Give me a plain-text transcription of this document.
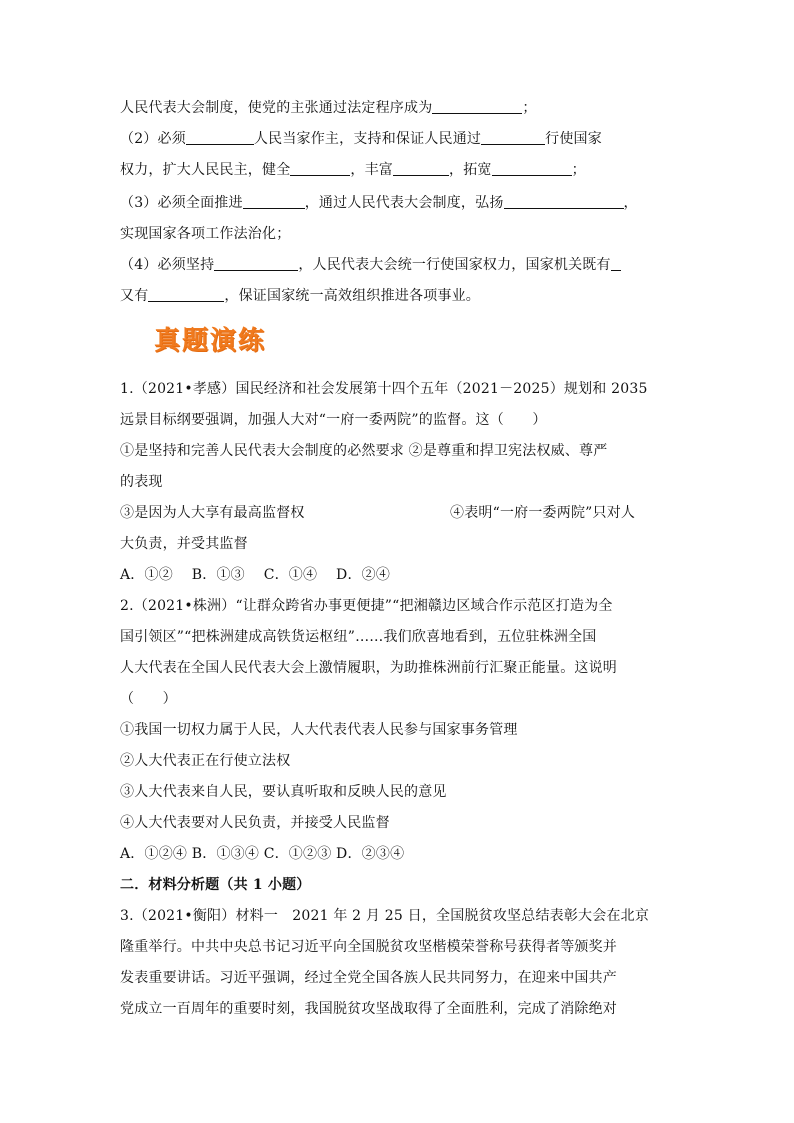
人民代表大会制度，使党的主张通过法定程序成为	；
（2）必须	人民当家作主，支持和保证人民通过	行使国家
权力，扩大人民民主，健全	，丰富	，拓宽	；
（3）必须全面推进	，通过人民代表大会制度，弘扬	，
实现国家各项工作法治化；
（4）必须坚持	，人民代表大会统一行使国家权力，国家机关既有
又有	，保证国家统一高效组织推进各项事业。
真题演练
1.（2021•孝感）国民经济和社会发展第十四个五年（2021－2025）规划和 2035
远景目标纲要强调，加强人大对“一府一委两院”的监督。这（　　）
①是坚持和完善人民代表大会制度的必然要求 ②是尊重和捍卫宪法权威、尊严
的表现
③是因为人大享有最高监督权	④表明“一府一委两院”只对人
大负责，并受其监督
A．①②　 B．①③　 C．①④　 D．②④
2.（2021•株洲）“让群众跨省办事更便捷”“把湘赣边区域合作示范区打造为全
国引领区”“把株洲建成高铁货运枢纽”……我们欣喜地看到，五位驻株洲全国
人大代表在全国人民代表大会上激情履职，为助推株洲前行汇聚正能量。这说明
（　　）
①我国一切权力属于人民，人大代表代表人民参与国家事务管理
②人大代表正在行使立法权
③人大代表来自人民，要认真听取和反映人民的意见
④人大代表要对人民负责，并接受人民监督
A．①②④ B．①③④ C．①②③ D．②③④
二．材料分析题（共 1 小题）
3.（2021•衡阳）材料一　2021 年 2 月 25 日，全国脱贫攻坚总结表彰大会在北京
隆重举行。中共中央总书记习近平向全国脱贫攻坚楷模荣誉称号获得者等颁奖并
发表重要讲话。习近平强调，经过全党全国各族人民共同努力，在迎来中国共产
党成立一百周年的重要时刻，我国脱贫攻坚战取得了全面胜利，完成了消除绝对
